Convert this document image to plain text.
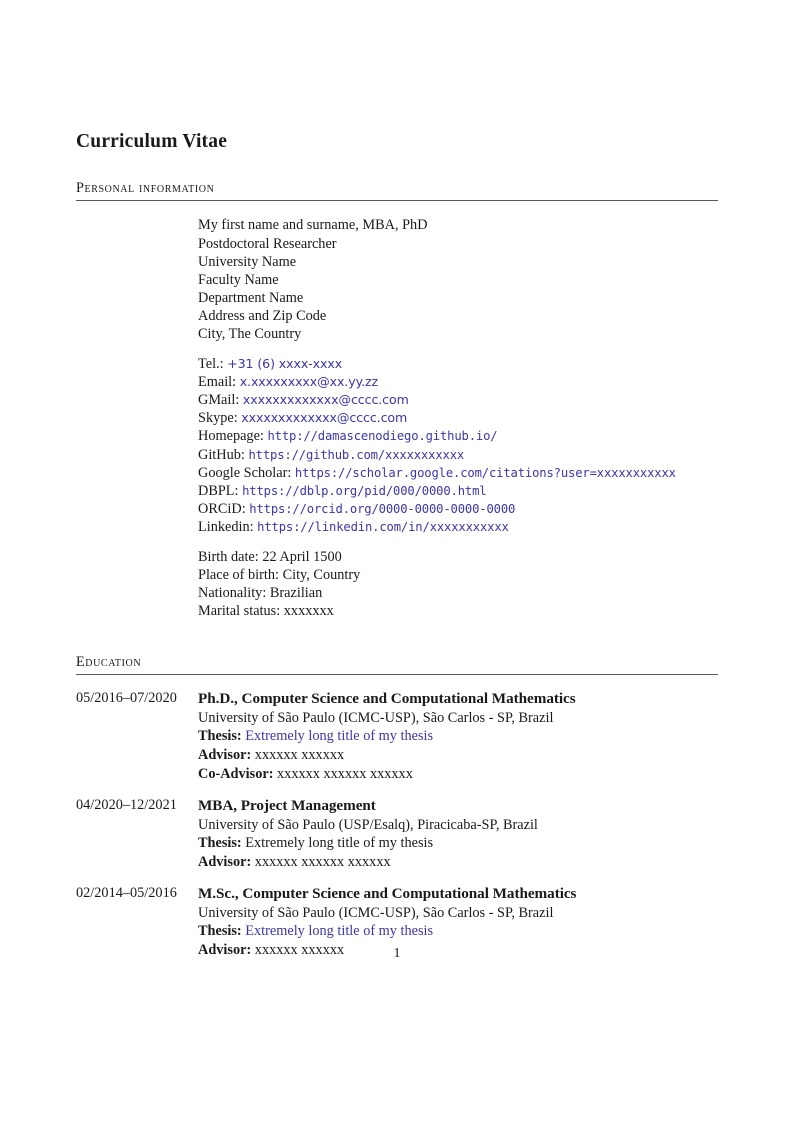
Curriculum Vitae
Personal information
My first name and surname, MBA, PhD
Postdoctoral Researcher
University Name
Faculty Name
Department Name
Address and Zip Code
City, The Country
Tel.: +31 (6) xxxx-xxxx
Email: x.xxxxxxxxx@xx.yy.zz
GMail: xxxxxxxxxxxxx@cccc.com
Skype: xxxxxxxxxxxxx@cccc.com
Homepage: http://damascenodiego.github.io/
GitHub: https://github.com/xxxxxxxxxxx
Google Scholar: https://scholar.google.com/citations?user=xxxxxxxxxxx
DBPL: https://dblp.org/pid/000/0000.html
ORCiD: https://orcid.org/0000-0000-0000-0000
Linkedin: https://linkedin.com/in/xxxxxxxxxxx
Birth date: 22 April 1500
Place of birth: City, Country
Nationality: Brazilian
Marital status: xxxxxxx
Education
05/2016–07/2020	Ph.D., Computer Science and Computational Mathematics
University of São Paulo (ICMC-USP), São Carlos - SP, Brazil
Thesis: Extremely long title of my thesis
Advisor: xxxxxx xxxxxx
Co-Advisor: xxxxxx xxxxxx xxxxxx
04/2020–12/2021	MBA, Project Management
University of São Paulo (USP/Esalq), Piracicaba-SP, Brazil
Thesis: Extremely long title of my thesis
Advisor: xxxxxx xxxxxx xxxxxx
02/2014–05/2016	M.Sc., Computer Science and Computational Mathematics
University of São Paulo (ICMC-USP), São Carlos - SP, Brazil
Thesis: Extremely long title of my thesis
Advisor: xxxxxx xxxxxx	1
